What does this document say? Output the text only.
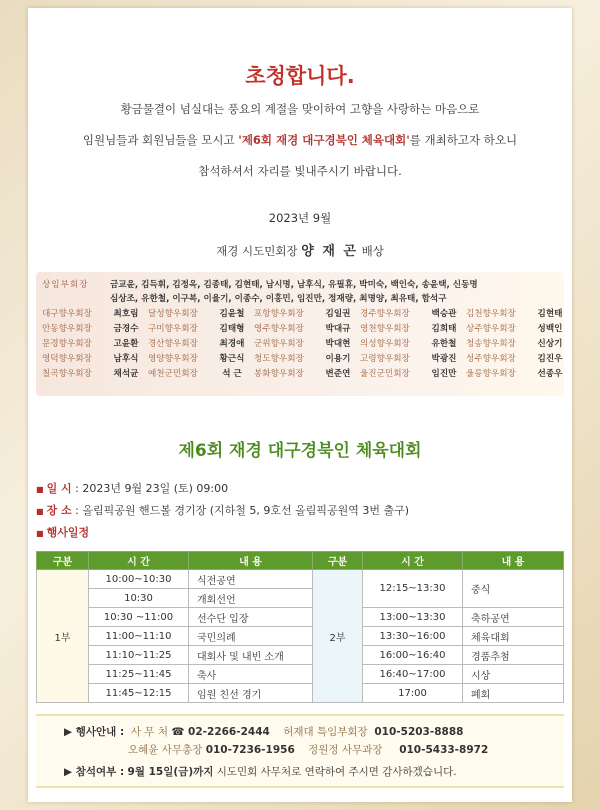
초청합니다.
황금물결이 넘실대는 풍요의 계절을 맞이하여 고향을 사랑하는 마음으로
임원님들과 회원님들을 모시고 '제6회 재경 대구경북인 체육대회'를 개최하고자 하오니
참석하셔서 자리를 빛내주시기 바랍니다.
2023년 9월
재경 시도민회장 양 재 곤 배상
상임부회장	금교윤, 김득휘, 김정옥, 김종태, 김현태, 남시명, 남후식, 유필휴, 박미숙, 백인숙, 송윤택, 신동명
심상조, 유한철, 이구복, 이율기, 이종수, 이홍민, 임진만, 정재량, 최명양, 최유태, 함석구
대구향우회장	최호림	달성향우회장	김윤철	포항향우회장	김일권	경주향우회장	백승관	김천향우회장	김현태
안동향우회장	금경수	구미향우회장	김태형	영주향우회장	박대규	영천향우회장	김희태	상주향우회장	성백인
문경향우회장	고윤환	경산향우회장	최경애	군위향우회장	박대현	의성향우회장	유한철	청송향우회장	신상기
영덕향우회장	남후식	영양향우회장	황근식	청도향우회장	이용기	고령향우회장	박광진	성주향우회장	김진우
칠곡향우회장	채석균	예천군민회장	석 근	봉화향우회장	변준연	울진군민회장	임진만	울릉향우회장	선종우
제6회 재경 대구경북인 체육대회
■ 일 시 : 2023년 9월 23일 (토) 09:00
■ 장 소 : 올림픽공원 핸드볼 경기장 (지하철 5, 9호선 올림픽공원역 3번 출구)
■ 행사일정
구분	시 간	내 용	구분	시 간	내 용
1부	10:00~10:30	식전공연	2부	12:15~13:30	중식
	10:30	개회선언			
	10:30 ~11:00	선수단 입장		13:00~13:30	축하공연
	11:00~11:10	국민의례		13:30~16:00	체육대회
	11:10~11:25	대회사 및 내빈 소개		16:00~16:40	경품추첨
	11:25~11:45	축사		16:40~17:00	시상
	11:45~12:15	임원 친선 경기		17:00	폐회
▶ 행사안내 : 사 무 처 ☎ 02-2266-2444 허재대 특임부회장 010-5203-8888
오혜윤 사무총장 010-7236-1956 정원정 사무과장 010-5433-8972
▶ 참석여부 : 9월 15일(금)까지 시도민회 사무처로 연락하여 주시면 감사하겠습니다.
